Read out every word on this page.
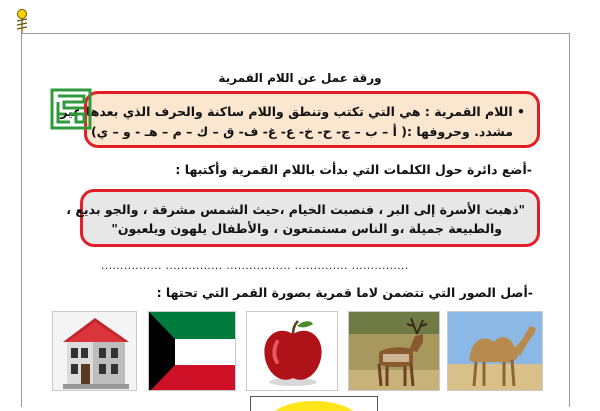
ورقة عمل عن اللام القمرية
• اللام القمرية : هي التي تكتب وتنطق واللام ساكنة والحرف الذي بعدها غير
مشدد. وحروفها :( أ – ب – ج- ح- خ- ع- غ- ف- ق – ك – م – هـ - و – ي)
-أضع دائرة حول الكلمات التي بدأت باللام القمرية وأكتبها :
"ذهبت الأسرة إلى البر ، فنصبت الخيام ،حيث الشمس مشرقة ، والجو بديع ،
والطبيعة جميلة ،و الناس مستمتعون ، والأطفال يلهون ويلعبون"
................ ............... ................. .............. ...............
-أصل الصور التي تتضمن لاما قمرية بصورة القمر التي تحتها :
